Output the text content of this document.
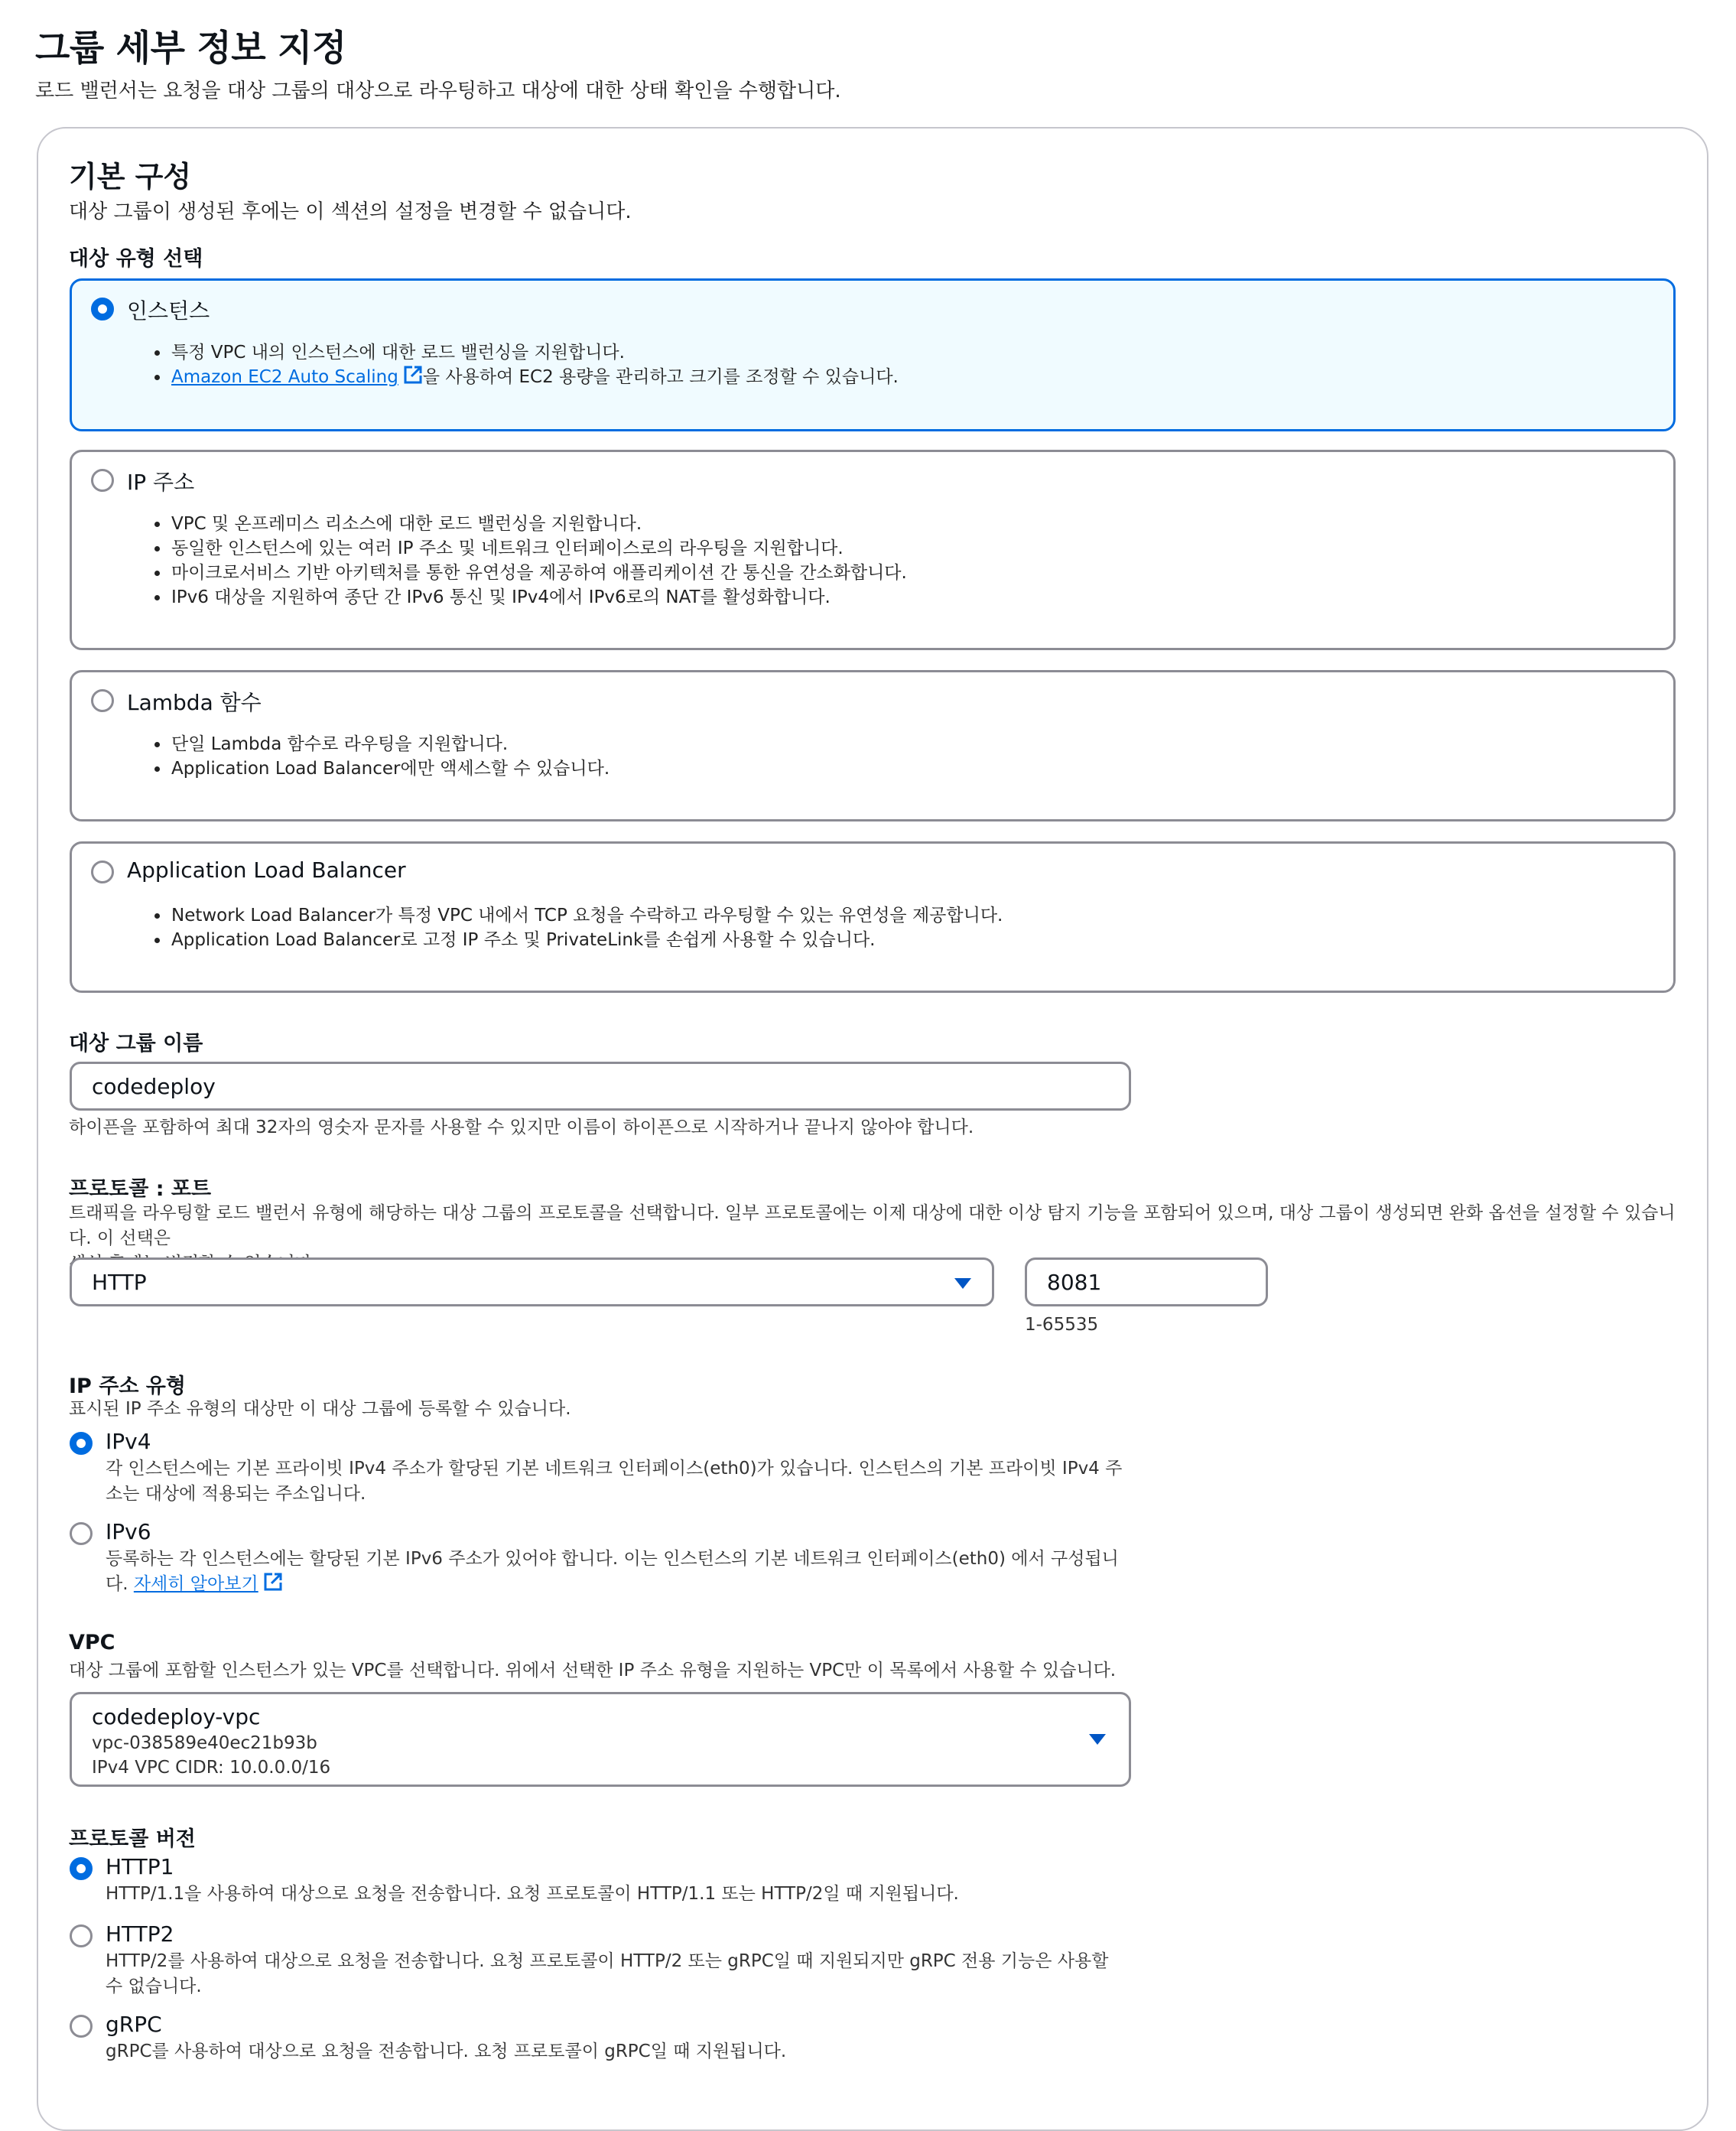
그룹 세부 정보 지정
로드 밸런서는 요청을 대상 그룹의 대상으로 라우팅하고 대상에 대한 상태 확인을 수행합니다.
기본 구성
대상 그룹이 생성된 후에는 이 섹션의 설정을 변경할 수 없습니다.
대상 유형 선택
인스턴스
특정 VPC 내의 인스턴스에 대한 로드 밸런싱을 지원합니다.
Amazon EC2 Auto Scaling 을 사용하여 EC2 용량을 관리하고 크기를 조정할 수 있습니다.
IP 주소
VPC 및 온프레미스 리소스에 대한 로드 밸런싱을 지원합니다.
동일한 인스턴스에 있는 여러 IP 주소 및 네트워크 인터페이스로의 라우팅을 지원합니다.
마이크로서비스 기반 아키텍처를 통한 유연성을 제공하여 애플리케이션 간 통신을 간소화합니다.
IPv6 대상을 지원하여 종단 간 IPv6 통신 및 IPv4에서 IPv6로의 NAT를 활성화합니다.
Lambda 함수
단일 Lambda 함수로 라우팅을 지원합니다.
Application Load Balancer에만 액세스할 수 있습니다.
Application Load Balancer
Network Load Balancer가 특정 VPC 내에서 TCP 요청을 수락하고 라우팅할 수 있는 유연성을 제공합니다.
Application Load Balancer로 고정 IP 주소 및 PrivateLink를 손쉽게 사용할 수 있습니다.
대상 그룹 이름
codedeploy
하이픈을 포함하여 최대 32자의 영숫자 문자를 사용할 수 있지만 이름이 하이픈으로 시작하거나 끝나지 않아야 합니다.
프로토콜 : 포트
트래픽을 라우팅할 로드 밸런서 유형에 해당하는 대상 그룹의 프로토콜을 선택합니다. 일부 프로토콜에는 이제 대상에 대한 이상 탐지 기능을 포함되어 있으며, 대상 그룹이 생성되면 완화 옵션을 설정할 수 있습니다. 이 선택은
HTTP	8081
1-65535
IP 주소 유형
표시된 IP 주소 유형의 대상만 이 대상 그룹에 등록할 수 있습니다.
IPv4
각 인스턴스에는 기본 프라이빗 IPv4 주소가 할당된 기본 네트워크 인터페이스(eth0)가 있습니다. 인스턴스의 기본 프라이빗 IPv4 주소는 대상에 적용되는 주소입니다.
IPv6
등록하는 각 인스턴스에는 할당된 기본 IPv6 주소가 있어야 합니다. 이는 인스턴스의 기본 네트워크 인터페이스(eth0) 에서 구성됩니다. 자세히 알아보기
VPC
대상 그룹에 포함할 인스턴스가 있는 VPC를 선택합니다. 위에서 선택한 IP 주소 유형을 지원하는 VPC만 이 목록에서 사용할 수 있습니다.
codedeploy-vpc
vpc-038589e40ec21b93b
IPv4 VPC CIDR: 10.0.0.0/16
프로토콜 버전
HTTP1
HTTP/1.1을 사용하여 대상으로 요청을 전송합니다. 요청 프로토콜이 HTTP/1.1 또는 HTTP/2일 때 지원됩니다.
HTTP2
HTTP/2를 사용하여 대상으로 요청을 전송합니다. 요청 프로토콜이 HTTP/2 또는 gRPC일 때 지원되지만 gRPC 전용 기능은 사용할 수 없습니다.
gRPC
gRPC를 사용하여 대상으로 요청을 전송합니다. 요청 프로토콜이 gRPC일 때 지원됩니다.
